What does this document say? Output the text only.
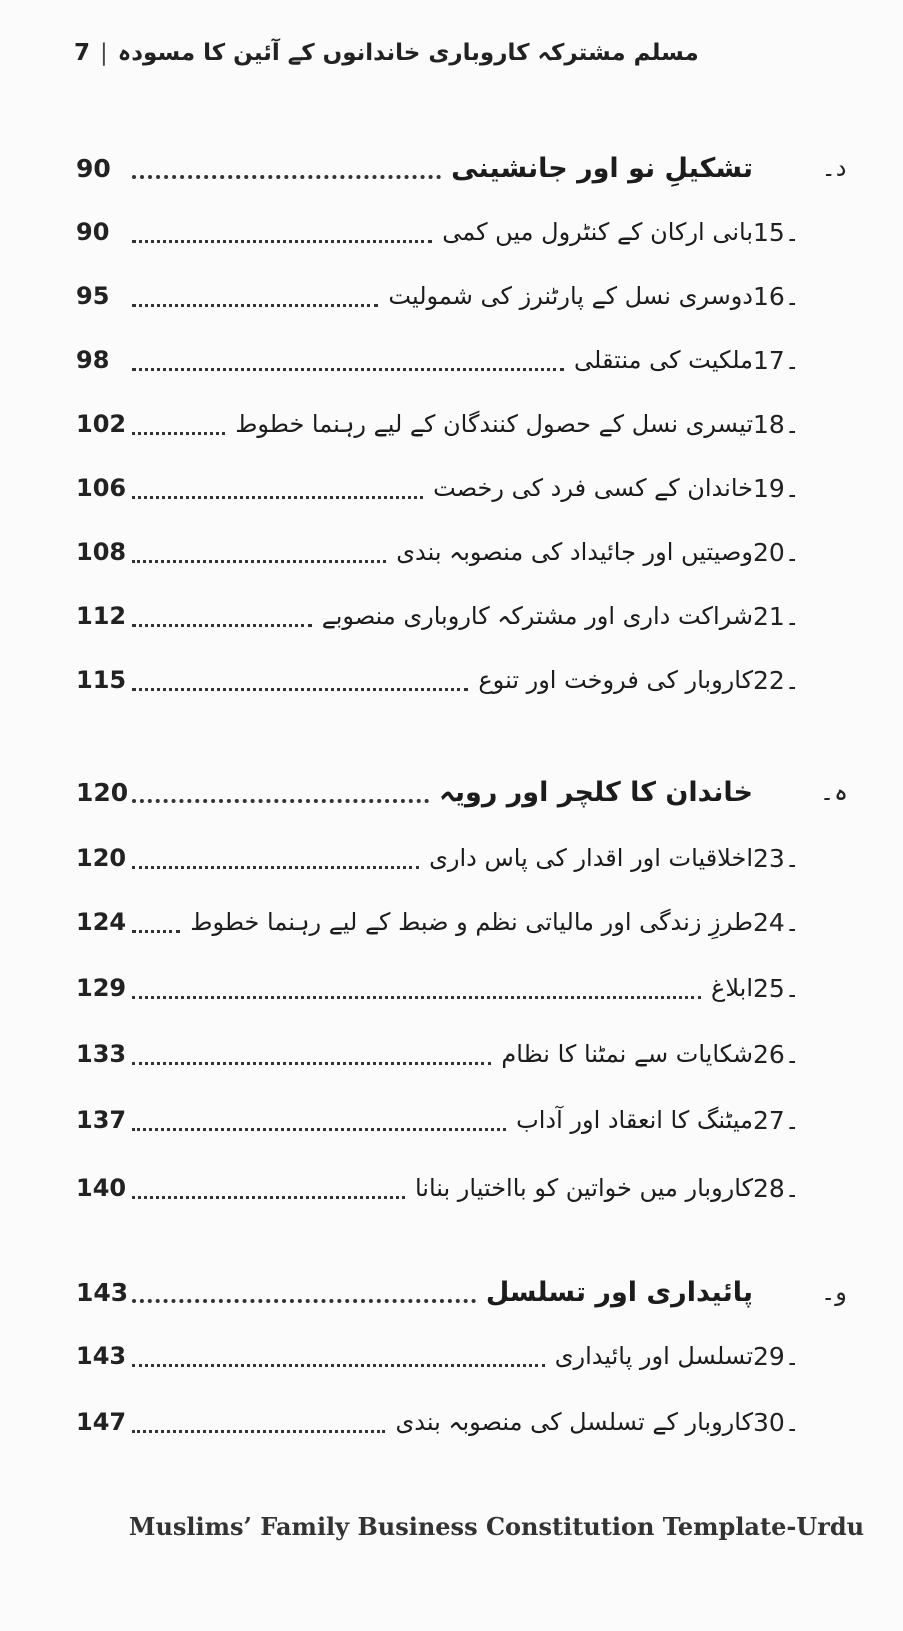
مسلم مشترکہ کاروباری خاندانوں کے آئین کا مسودہ
|
7
د۔
تشکیلِ نو اور جانشینی
90
15۔
بانی ارکان کے کنٹرول میں کمی
90
16۔
دوسری نسل کے پارٹنرز کی شمولیت
95
17۔
ملکیت کی منتقلی
98
18۔
تیسری نسل کے حصول کنندگان کے لیے رہنما خطوط
102
19۔
خاندان کے کسی فرد کی رخصت
106
20۔
وصیتیں اور جائیداد کی منصوبہ بندی
108
21۔
شراکت داری اور مشترکہ کاروباری منصوبے
112
22۔
کاروبار کی فروخت اور تنوع
115
ہ۔
خاندان کا کلچر اور رویہ
120
23۔
اخلاقیات اور اقدار کی پاس داری
120
24۔
طرزِ زندگی اور مالیاتی نظم و ضبط کے لیے رہنما خطوط
124
25۔
ابلاغ
129
26۔
شکایات سے نمٹنا کا نظام
133
27۔
میٹنگ کا انعقاد اور آداب
137
28۔
کاروبار میں خواتین کو بااختیار بنانا
140
و۔
پائیداری اور تسلسل
143
29۔
تسلسل اور پائیداری
143
30۔
کاروبار کے تسلسل کی منصوبہ بندی
147
Muslims’ Family Business Constitution Template-Urdu
